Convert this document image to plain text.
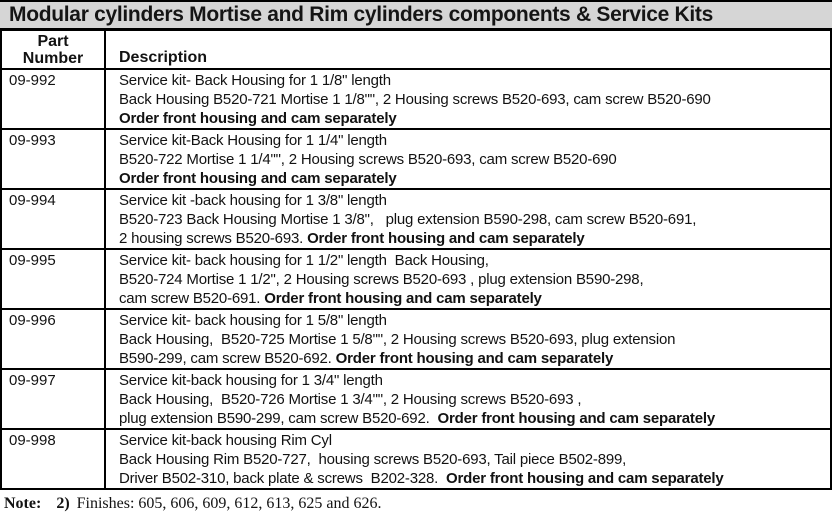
Modular cylinders Mortise and Rim cylinders components & Service Kits
Part
Number	Description
09-992	Service kit- Back Housing for 1 1/8" length
Back Housing B520-721 Mortise 1 1/8"", 2 Housing screws B520-693, cam screw B520-690
Order front housing and cam separately
09-993	Service kit-Back Housing for 1 1/4" length
B520-722 Mortise 1 1/4"", 2 Housing screws B520-693, cam screw B520-690
Order front housing and cam separately
09-994	Service kit -back housing for 1 3/8" length
B520-723 Back Housing Mortise 1 3/8",   plug extension B590-298, cam screw B520-691,
2 housing screws B520-693. Order front housing and cam separately
09-995	Service kit- back housing for 1 1/2" length  Back Housing,
B520-724 Mortise 1 1/2", 2 Housing screws B520-693 , plug extension B590-298,
cam screw B520-691. Order front housing and cam separately
09-996	Service kit- back housing for 1 5/8" length
Back Housing,  B520-725 Mortise 1 5/8"", 2 Housing screws B520-693, plug extension
B590-299, cam screw B520-692. Order front housing and cam separately
09-997	Service kit-back housing for 1 3/4" length
Back Housing,  B520-726 Mortise 1 3/4"", 2 Housing screws B520-693 ,
plug extension B590-299, cam screw B520-692.  Order front housing and cam separately
09-998	Service kit-back housing Rim Cyl
Back Housing Rim B520-727,  housing screws B520-693, Tail piece B502-899,
Driver B502-310, back plate & screws  B202-328.  Order front housing and cam separately
Note: 2) Finishes: 605, 606, 609, 612, 613, 625 and 626.
